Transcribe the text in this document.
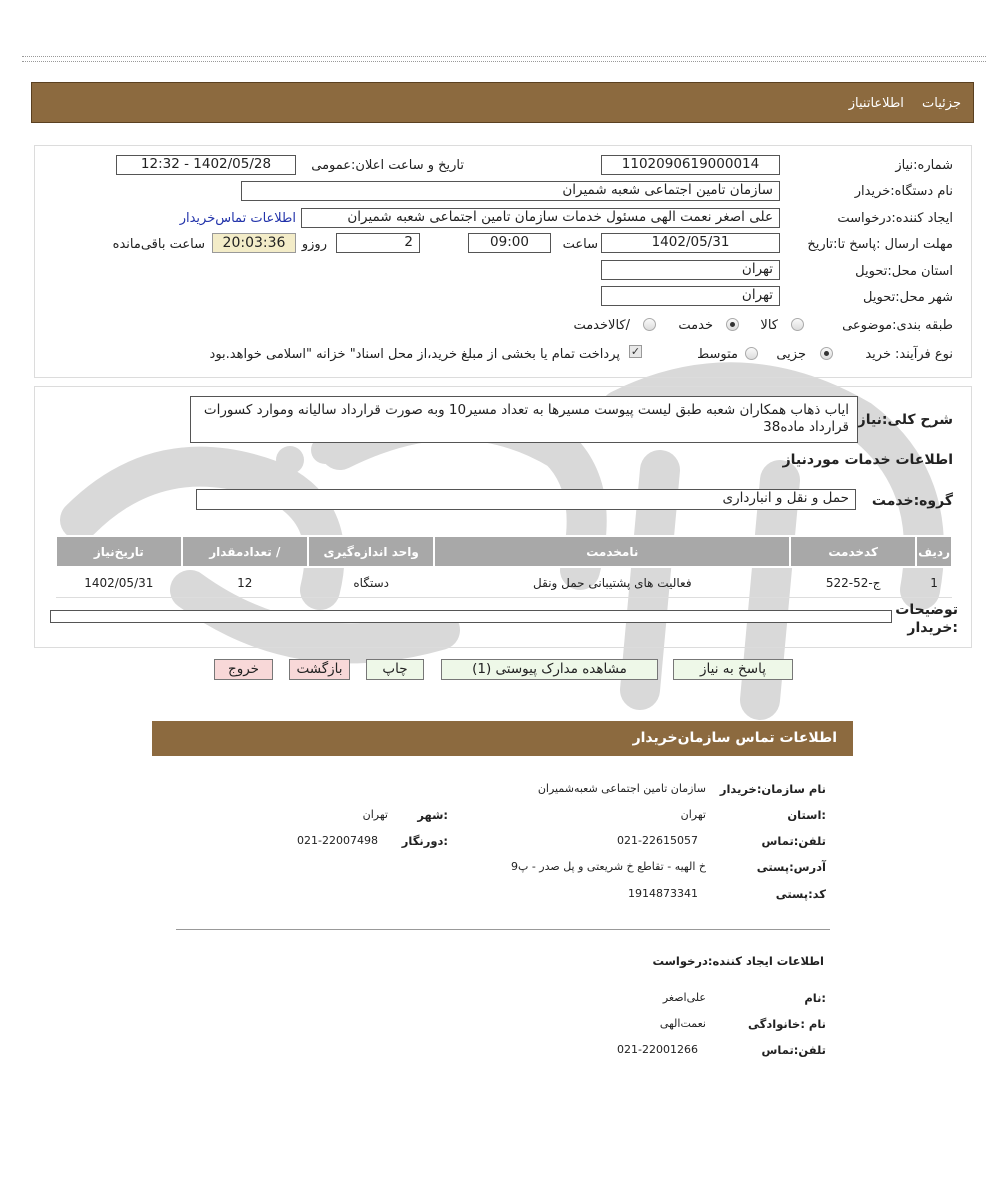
جزئیات اطلاعاتنیاز
شماره:نیاز
1102090619000014
تاریخ و ساعت اعلان:عمومی
1402/05/28 - 12:32
نام دستگاه:خریدار
سازمان تامین اجتماعی شعبه شمیران
ایجاد کننده:درخواست
علی اصغر نعمت الهی مسئول خدمات سازمان تامین اجتماعی شعبه شمیران
اطلاعات تماس‌خریدار
مهلت ارسال :پاسخ تا:تاریخ
1402/05/31
ساعت
09:00
2
روزو
20:03:36
ساعت باقی‌مانده
استان محل:تحویل
تهران
شهر محل:تحویل
تهران
طبقه بندی:موضوعی
کالا
خدمت
/کالاخدمت
نوع فرآیند:
خرید
جزیی
متوسط
✓
پرداخت تمام یا بخشی از مبلغ خرید،از محل اسناد" خزانه "اسلامی خواهد.بود
شرح کلی:نیاز
ایاب ذهاب همکاران شعبه طبق لیست پیوست مسیرها به تعداد مسیر10 وبه صورت قرارداد سالیانه وموارد کسورات قرارداد ماده38
اطلاعات خدمات موردنیاز
گروه:خدمت
حمل و نقل و انبارداری
ردیف	کدخدمت	نامخدمت	واحد اندازه‌گیری	/ تعدادمقدار	تاریخ‌نیاز
1	ج-52-522	فعالیت های پشتیبانی حمل ونقل	دستگاه	12	1402/05/31
توضیحات :خریدار
پاسخ به نیاز
مشاهده مدارک پیوستی (1)
چاپ
بازگشت
خروج
اطلاعات تماس سازمان‌خریدار
نام سازمان:خریدار
سازمان تامین اجتماعی شعبه‌شمیران
:استان
تهران
:شهر
تهران
تلفن:تماس
021-22615057
:دورنگار
021-22007498
آدرس:پستی
خ الهیه - تقاطع خ شریعتی و پل صدر - پ9
کد:پستی
1914873341
اطلاعات ایجاد کننده:درخواست
:نام
علی‌اصغر
نام :خانوادگی
نعمت‌الهی
تلفن:تماس
021-22001266
